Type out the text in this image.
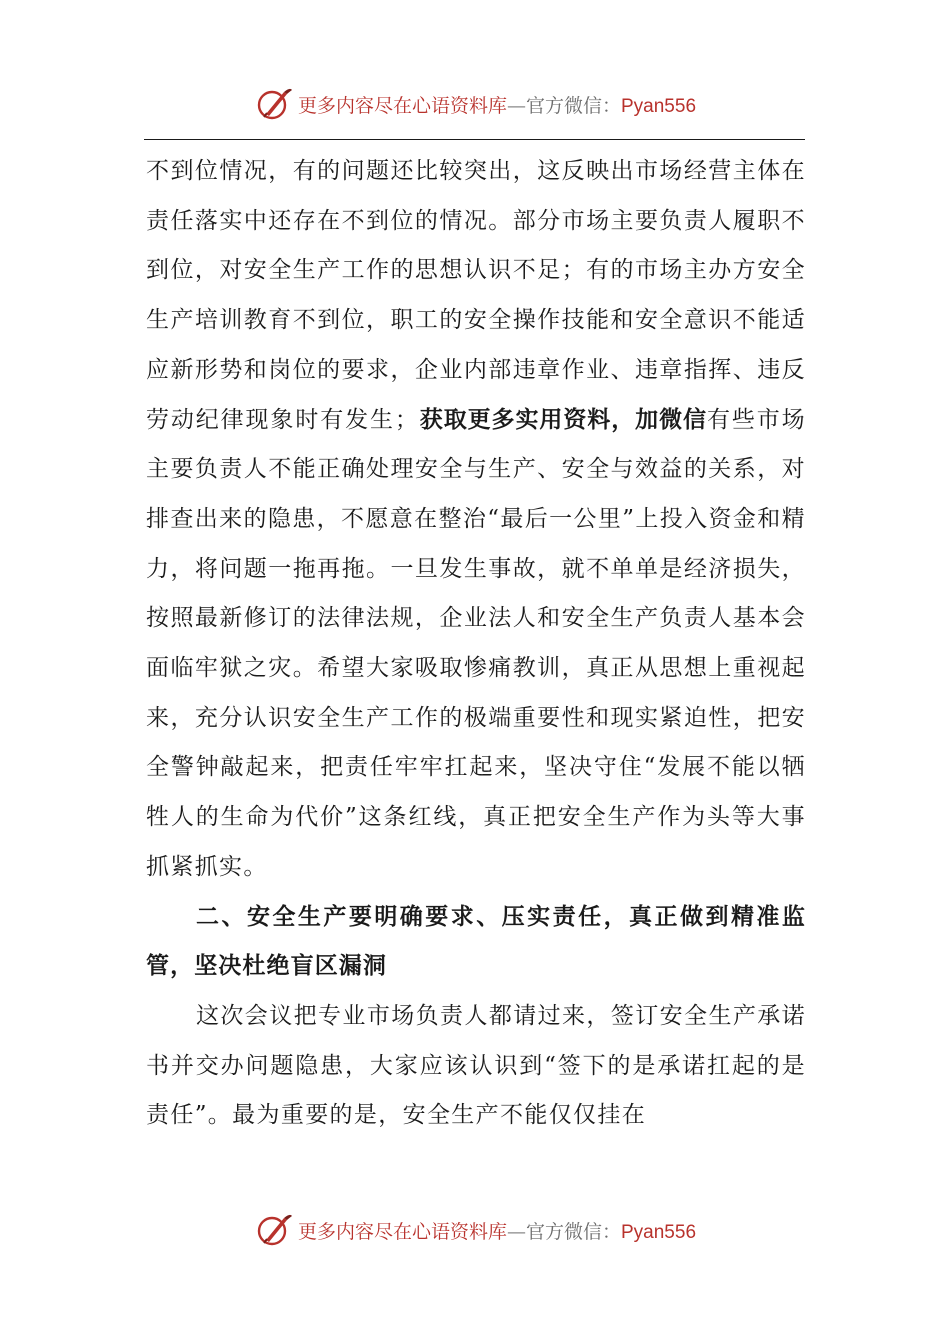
更多内容尽在心语资料库—官方微信：Pyan556

不到位情况，有的问题还比较突出，这反映出市场经营主体在责任落实中还存在不到位的情况。部分市场主要负责人履职不到位，对安全生产工作的思想认识不足；有的市场主办方安全生产培训教育不到位，职工的安全操作技能和安全意识不能适应新形势和岗位的要求，企业内部违章作业、违章指挥、违反劳动纪律现象时有发生；获取更多实用资料，加微信有些市场主要负责人不能正确处理安全与生产、安全与效益的关系，对排查出来的隐患，不愿意在整治“最后一公里”上投入资金和精力，将问题一拖再拖。一旦发生事故，就不单单是经济损失，按照最新修订的法律法规，企业法人和安全生产负责人基本会面临牢狱之灾。希望大家吸取惨痛教训，真正从思想上重视起来，充分认识安全生产工作的极端重要性和现实紧迫性，把安全警钟敲起来，把责任牢牢扛起来，坚决守住“发展不能以牺牲人的生命为代价”这条红线，真正把安全生产作为头等大事抓紧抓实。

二、安全生产要明确要求、压实责任，真正做到精准监管，坚决杜绝盲区漏洞

这次会议把专业市场负责人都请过来，签订安全生产承诺书并交办问题隐患，大家应该认识到“签下的是承诺扛起的是责任”。最为重要的是，安全生产不能仅仅挂在

更多内容尽在心语资料库—官方微信：Pyan556
